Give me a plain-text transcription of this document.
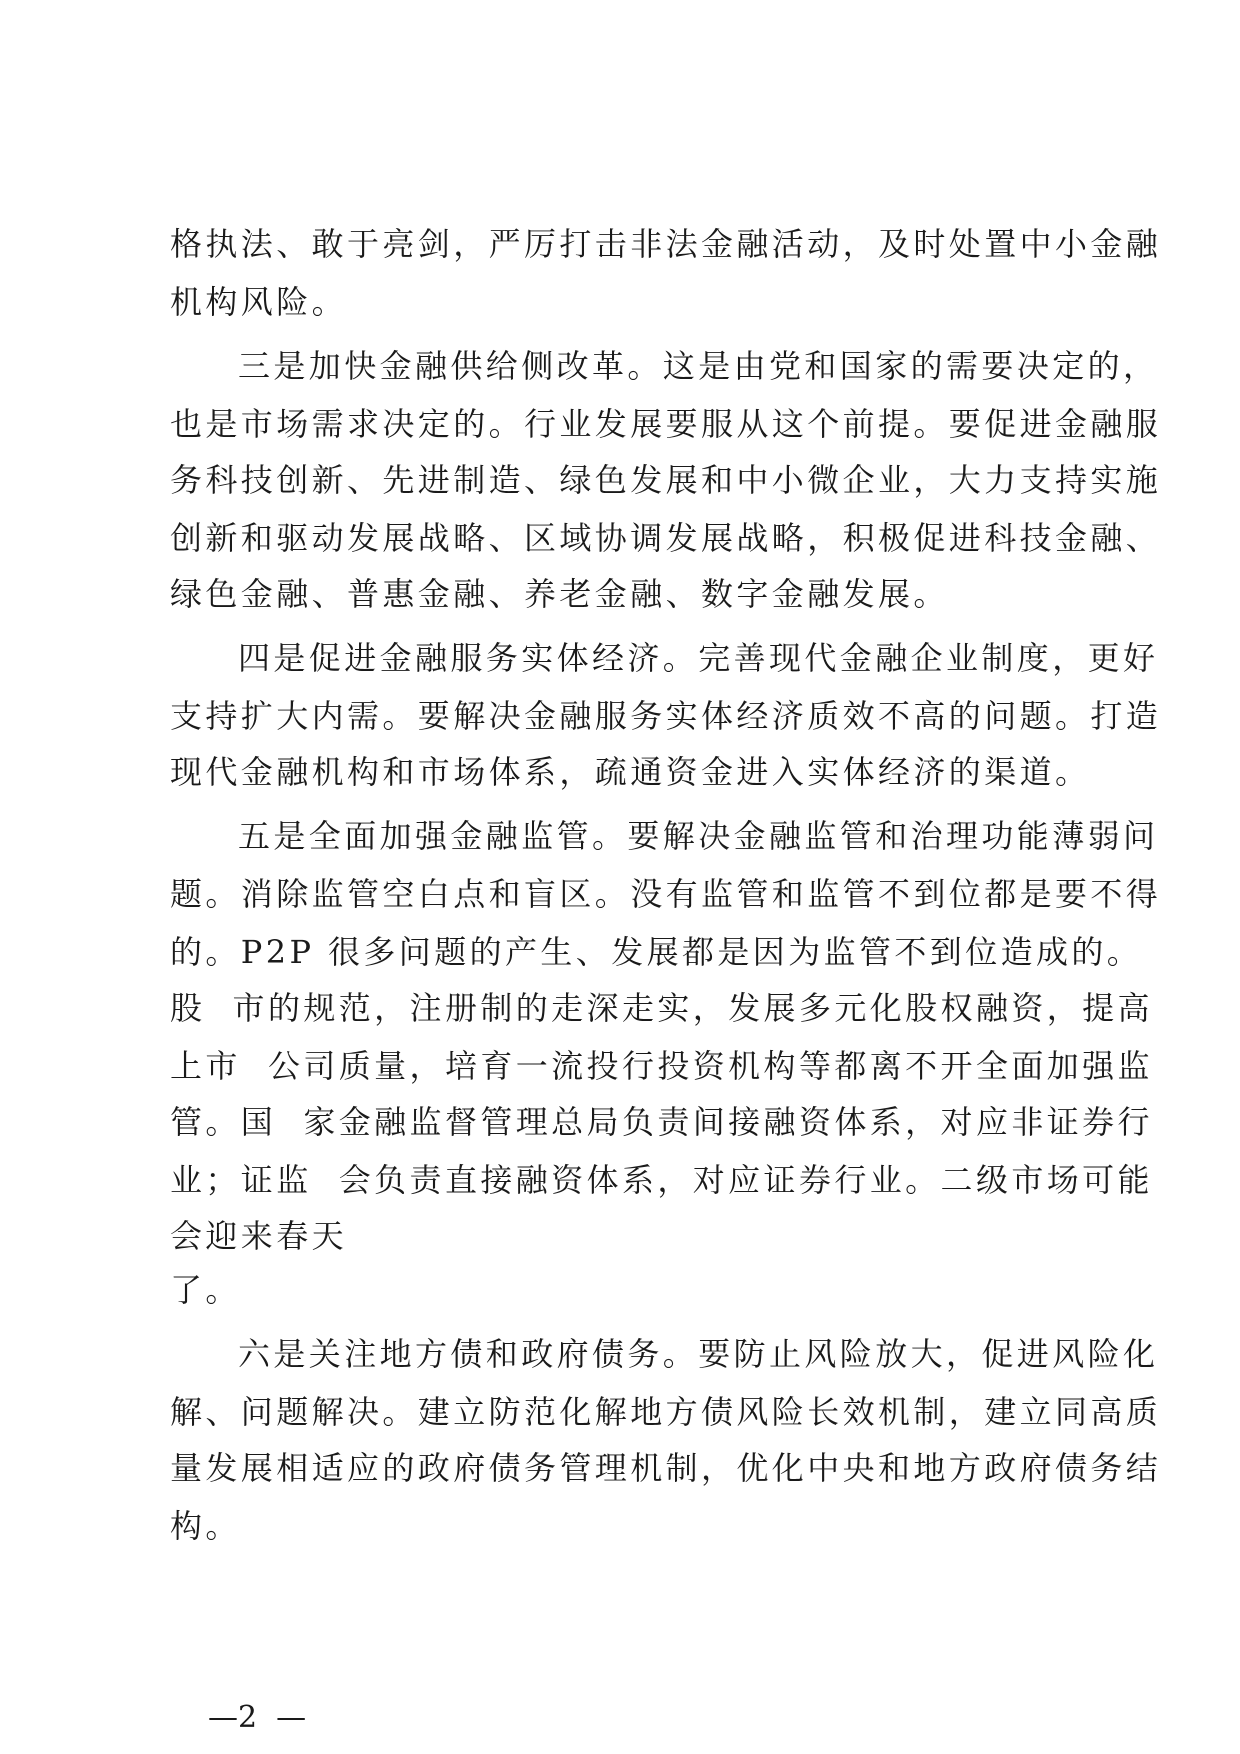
格执法、敢于亮剑，严厉打击非法金融活动，及时处置中小金融
机构风险。
三是加快金融供给侧改革。这是由党和国家的需要决定的，
也是市场需求决定的。行业发展要服从这个前提。要促进金融服
务科技创新、先进制造、绿色发展和中小微企业，大力支持实施
创新和驱动发展战略、区域协调发展战略，积极促进科技金融、
绿色金融、普惠金融、养老金融、数字金融发展。
四是促进金融服务实体经济。完善现代金融企业制度，更好
支持扩大内需。要解决金融服务实体经济质效不高的问题。打造
现代金融机构和市场体系，疏通资金进入实体经济的渠道。
五是全面加强金融监管。要解决金融监管和治理功能薄弱问
题。消除监管空白点和盲区。没有监管和监管不到位都是要不得
的。P2P 很多问题的产生、发展都是因为监管不到位造成的。
股  市的规范，注册制的走深走实，发展多元化股权融资，提高
上市  公司质量，培育一流投行投资机构等都离不开全面加强监
管。国  家金融监督管理总局负责间接融资体系，对应非证券行
业；证监  会负责直接融资体系，对应证券行业。二级市场可能
会迎来春天
了。
六是关注地方债和政府债务。要防止风险放大，促进风险化
解、问题解决。建立防范化解地方债风险长效机制，建立同高质
量发展相适应的政府债务管理机制，优化中央和地方政府债务结
构。
—2  —
